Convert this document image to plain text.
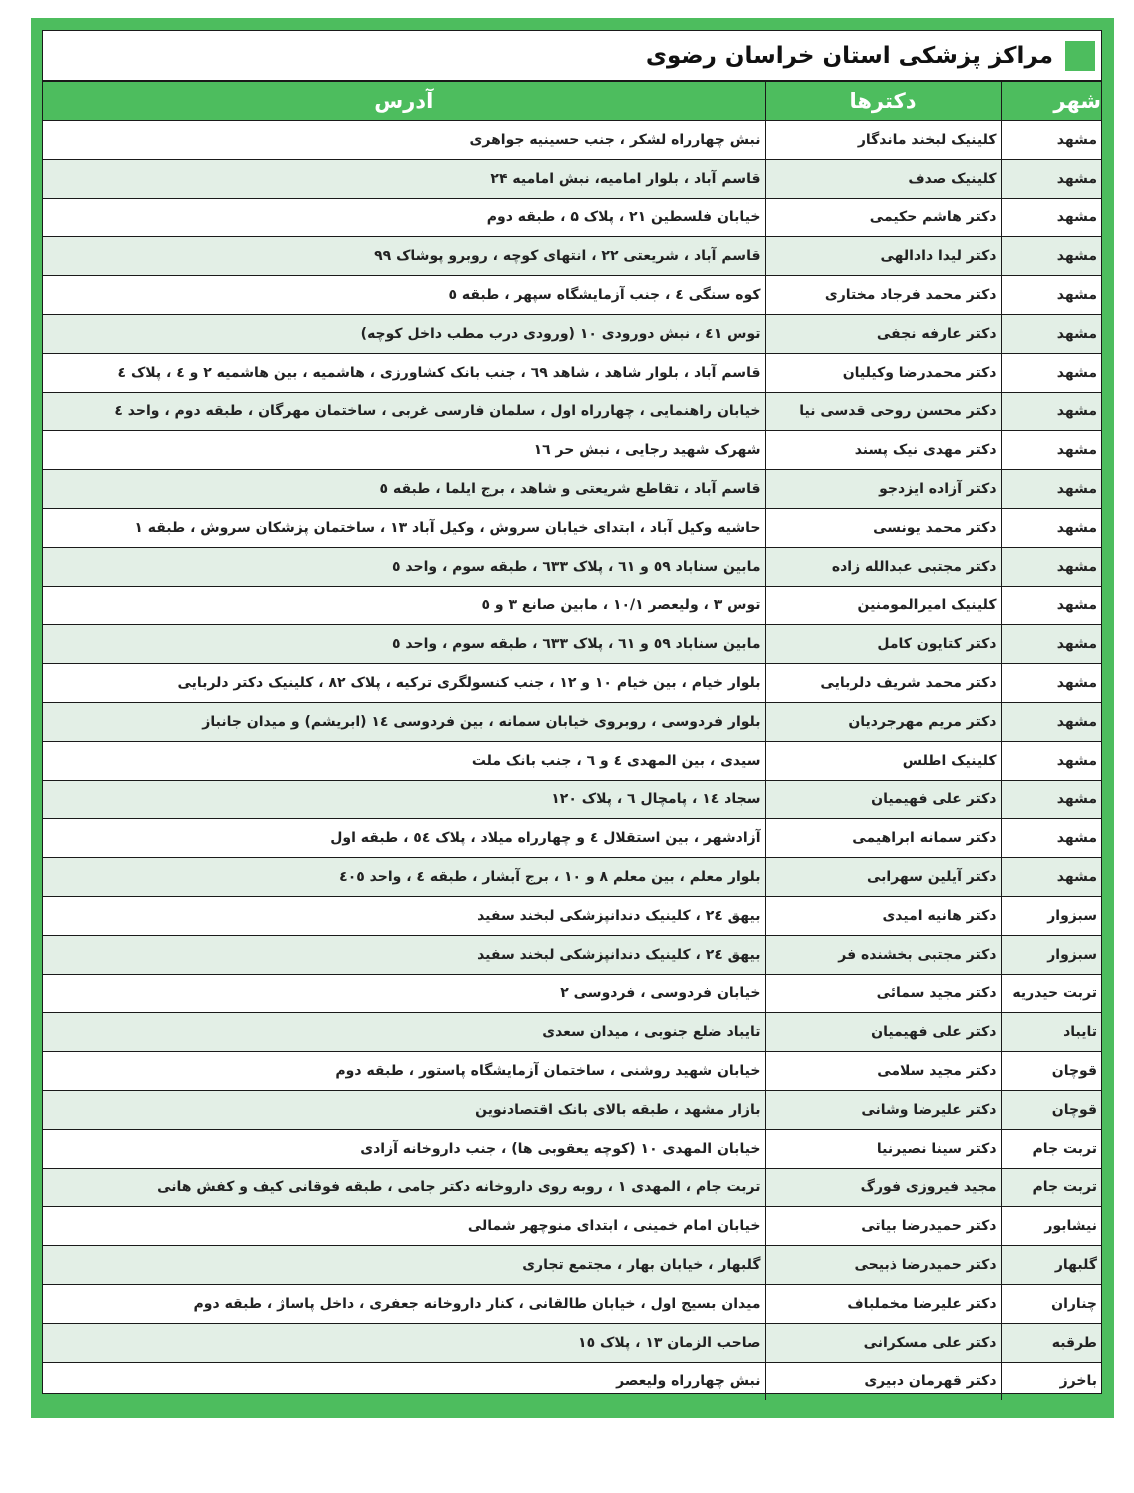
مراکز پزشکی استان خراسان رضوی
شهر	دکترها	آدرس
مشهد	کلینیک لبخند ماندگار	نبش چهارراه لشکر ، جنب حسینیه جواهری
مشهد	کلینیک صدف	قاسم آباد ، بلوار امامیه، نبش امامیه ۲۴
مشهد	دکتر هاشم حکیمی	خیابان فلسطین ۲۱ ، پلاک ۵ ، طبقه دوم
مشهد	دکتر لیدا دادالهی	قاسم آباد ، شریعتی ۲۲ ، انتهای کوچه ، روبرو پوشاک ۹۹
مشهد	دکتر محمد فرجاد مختاری	کوه سنگی ٤ ، جنب آزمایشگاه سپهر ، طبقه ٥
مشهد	دکتر عارفه نجفی	توس ٤١ ، نبش دورودی ١٠ (ورودی درب مطب داخل کوچه)
مشهد	دکتر محمدرضا وکیلیان	قاسم آباد ، بلوار شاهد ، شاهد ٦٩ ، جنب بانک کشاورزی ، هاشمیه ، بین هاشمیه ۲ و ٤ ، پلاک ٤
مشهد	دکتر محسن روحی قدسی نیا	خیابان راهنمایی ، چهارراه اول ، سلمان فارسی غربی ، ساختمان مهرگان ، طبقه دوم ، واحد ٤
مشهد	دکتر مهدی نیک پسند	شهرک شهید رجایی ، نبش حر ١٦
مشهد	دکتر آزاده ایزدجو	قاسم آباد ، تقاطع شریعتی و شاهد ، برج ایلما ، طبقه ٥
مشهد	دکتر محمد یونسی	حاشیه وکیل آباد ، ابتدای خیابان سروش ، وکیل آباد ۱۳ ، ساختمان پزشکان سروش ، طبقه ۱
مشهد	دکتر مجتبی عبدالله زاده	مابین سناباد ٥٩ و ٦١ ، پلاک ٦٣٣ ، طبقه سوم ، واحد ٥
مشهد	کلینیک امیرالمومنین	توس ۳ ، ولیعصر ١٠/١ ، مابین صانع ۳ و ٥
مشهد	دکتر کتایون کامل	مابین سناباد ٥٩ و ٦١ ، پلاک ٦٣٣ ، طبقه سوم ، واحد ٥
مشهد	دکتر محمد شریف دلربایی	بلوار خیام ، بین خیام ١٠ و ١٢ ، جنب کنسولگری ترکیه ، پلاک ٨٢ ، کلینیک دکتر دلربایی
مشهد	دکتر مریم مهرجردیان	بلوار فردوسی ، روبروی خیابان سمانه ، بین فردوسی ١٤ (ابریشم) و میدان جانباز
مشهد	کلینیک اطلس	سیدی ، بین المهدی ٤ و ٦ ، جنب بانک ملت
مشهد	دکتر علی فهیمیان	سجاد ١٤ ، پامچال ٦ ، پلاک ١٢٠
مشهد	دکتر سمانه ابراهیمی	آزادشهر ، بین استقلال ٤ و چهارراه میلاد ، پلاک ٥٤ ، طبقه اول
مشهد	دکتر آیلین سهرابی	بلوار معلم ، بین معلم ٨ و ١٠ ، برج آبشار ، طبقه ٤ ، واحد ٤٠٥
سبزوار	دکتر هانیه امیدی	بیهق ٢٤ ، کلینیک دندانپزشکی لبخند سفید
سبزوار	دکتر مجتبی بخشنده فر	بیهق ٢٤ ، کلینیک دندانپزشکی لبخند سفید
تربت حیدریه	دکتر مجید سمائی	خیابان فردوسی ، فردوسی ۲
تایباد	دکتر علی فهیمیان	تایباد ضلع جنوبی ، میدان سعدی
قوچان	دکتر مجید سلامی	خیابان شهید روشنی ، ساختمان آزمایشگاه پاستور ، طبقه دوم
قوچان	دکتر علیرضا وشانی	بازار مشهد ، طبقه بالای بانک اقتصادنوین
تربت جام	دکتر سینا نصیرنیا	خیابان المهدی ١٠ (کوچه یعقوبی ها) ، جنب داروخانه آزادی
تربت جام	مجید فیروزی فورگ	تربت جام ، المهدی ١ ، روبه روی داروخانه دکتر جامی ، طبقه فوقانی کیف و کفش هانی
نیشابور	دکتر حمیدرضا بیاتی	خیابان امام خمینی ، ابتدای منوچهر شمالی
گلبهار	دکتر حمیدرضا ذبیحی	گلبهار ، خیابان بهار ، مجتمع تجاری
چناران	دکتر علیرضا مخملباف	میدان بسیج اول ، خیابان طالقانی ، کنار داروخانه جعفری ، داخل پاساژ ، طبقه دوم
طرقبه	دکتر علی مسکرانی	صاحب الزمان ١٣ ، پلاک ١٥
باخرز	دکتر قهرمان دبیری	نبش چهارراه ولیعصر
